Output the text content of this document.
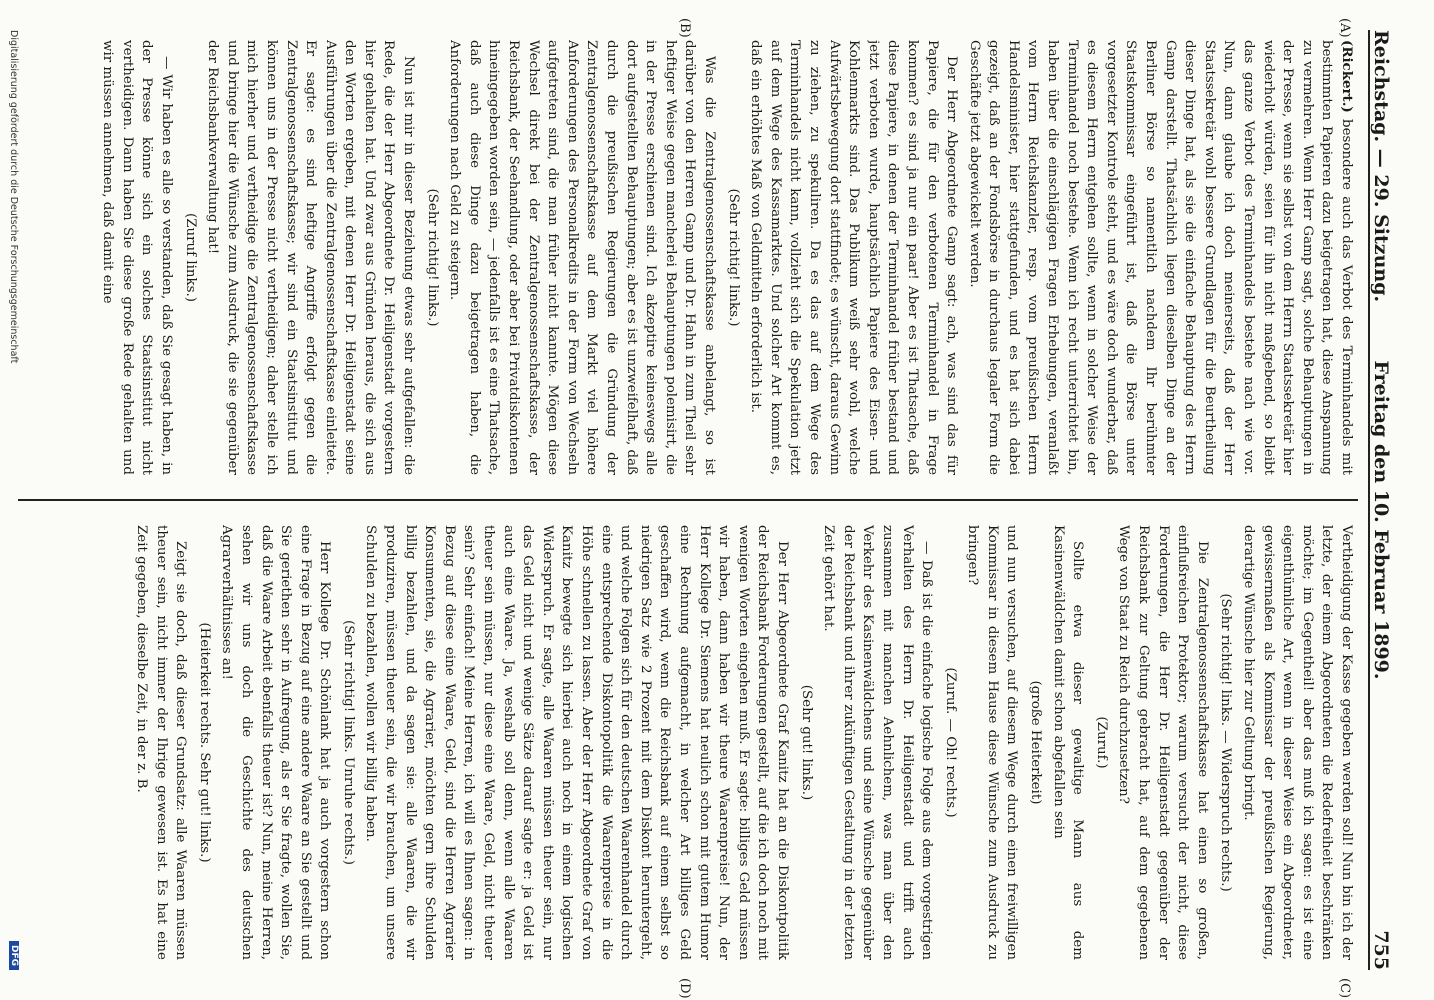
Reichstag. — 29. Sitzung.
Freitag den 10. Februar 1899.
755
(A)
(B)
(C)
(D)

(Rickert.) besondere auch das Verbot des Terminhandels mit bestimmten Papieren dazu beigetragen hat, diese Anspannung zu vermehren. Wenn Herr Gamp sagt, solche Behauptungen in der Presse, wenn sie selbst von dem Herrn Staatssekretär hier wiederholt würden, seien für ihn nicht maßgebend, so bleibt das ganze Verbot des Terminhandels bestehe nach wie vor. Nun, dann glaube ich doch meinerseits, daß der Herr Staatssekretär wohl bessere Grundlagen für die Beurtheilung dieser Dinge hat, als sie die einfache Behauptung des Herrn Gamp darstellt. Thatsächlich liegen dieselben Dinge an der Berliner Börse so namentlich nachdem Ihr berühmter Staatskommissar eingeführt ist, daß die Börse unter vorgesetzter Kontrole steht, und es wäre doch wunderbar, daß es diesem Herrn entgehen sollte, wenn in solcher Weise der Terminhandel noch bestehe. Wenn ich recht unterrichtet bin, haben über die einschlägigen Fragen Erhebungen, veranlaßt vom Herrn Reichskanzler, resp. vom preußischen Herrn Handelsminister, hier stattgefunden, und es hat sich dabei gezeigt, daß an der Fondsbörse in durchaus legaler Form die Geschäfte jetzt abgewickelt werden.

Der Herr Abgeordnete Gamp sagt: ach, was sind das für Papiere, die für den verbotenen Terminhandel in Frage kommen? es sind ja nur ein paar! Aber es ist Thatsache, daß diese Papiere, in denen der Terminhandel früher bestand und jetzt verboten wurde, hauptsächlich Papiere des Eisen- und Kohlenmarkts sind. Das Publikum weiß sehr wohl, welche Aufwärtsbewegung dort stattfindet; es wünscht, daraus Gewinn zu ziehen, zu spekuliren. Da es das auf dem Wege des Terminhandels nicht kann, vollzieht sich die Spekulation jetzt auf dem Wege des Kassamarktes. Und solcher Art kommt es, daß ein erhöhtes Maß von Geldmitteln erforderlich ist.

(Sehr richtig! links.)

Was die Zentralgenossenschaftskasse anbelangt, so ist darüber von den Herren Gamp und Dr. Hahn in zum Theil sehr heftiger Weise gegen mancherlei Behauptungen polemisirt, die in der Presse erschienen sind. Ich akzeptire keineswegs alle dort aufgestellten Behauptungen; aber es ist unzweifelhaft, daß durch die preußischen Regierungen die Gründung der Zentralgenossenschaftskasse auf dem Markt viel höhere Anforderungen des Personalkredits in der Form von Wechseln aufgetreten sind, die man früher nicht kannte. Mögen diese Wechsel direkt bei der Zentralgenossenschaftskasse, der Reichsbank, der Seehandlung, oder aber bei Privatdiskontenen hineingegeben worden sein, — jedenfalls ist es eine Thatsache, daß auch diese Dinge dazu beigetragen haben, die Anforderungen nach Geld zu steigern.

(Sehr richtig! links.)

Nun ist mir in dieser Beziehung etwas sehr aufgefallen: die Rede, die der Herr Abgeordnete Dr. Heiligenstadt vorgestern hier gehalten hat. Und zwar aus Gründen heraus, die sich aus den Worten ergeben, mit denen Herr Dr. Heiligenstadt seine Ausführungen über die Zentralgenossenschaftskasse einleitete. Er sagte: es sind heftige Angriffe erfolgt gegen die Zentralgenossenschaftskasse; wir sind ein Staatsinstitut und können uns in der Presse nicht vertheidigen; daher stelle ich mich hierher und vertheidige die Zentralgenossenschaftskasse und bringe hier die Wünsche zum Ausdruck, die sie gegenüber der Reichsbankverwaltung hat!

(Zuruf links.)

— Wir haben es alle so verstanden, daß Sie gesagt haben, in der Presse könne sich ein solches Staatsinstitut nicht vertheidigen. Dann haben Sie diese große Rede gehalten und wir müssen annehmen, daß damit eine

Vertheidigung der Kasse gegeben werden soll! Nun bin ich der letzte, der einem Abgeordneten die Redefreiheit beschränken möchte; im Gegentheil! aber das muß ich sagen: es ist eine eigenthümliche Art, wenn in dieser Weise ein Abgeordneter, gewissermaßen als Kommissar der preußischen Regierung, derartige Wünsche hier zur Geltung bringt.

(Sehr richtig! links. — Widerspruch rechts.)

Die Zentralgenossenschaftskasse hat einen so großen, einflußreichen Protektor; warum versucht der nicht, diese Forderungen, die Herr Dr. Heiligenstadt gegenüber der Reichsbank zur Geltung gebracht hat, auf dem gegebenen Wege von Staat zu Reich durchzusetzen?

(Zuruf.)

Sollte etwa dieser gewaltige Mann aus dem Kasinenwäldchen damit schon abgefallen sein

(große Heiterkeit)

und nun versuchen, auf diesem Wege durch einen freiwilligen Kommissar in diesem Hause diese Wünsche zum Ausdruck zu bringen?

(Zuruf. — Oh! rechts.)

— Daß ist die einfache logische Folge aus dem vorgestrigen Verhalten des Herrn Dr. Heiligenstadt und trifft auch zusammen mit manchen Aehnlichem, was man über den Verkehr des Kasinenwäldchens und seine Wünsche gegenüber der Reichsbank und ihrer zukünftigen Gestaltung in der letzten Zeit gehört hat.

(Sehr gut! links.)

Der Herr Abgeordnete Graf Kanitz hat an die Diskontpolitik der Reichsbank Forderungen gestellt, auf die ich doch noch mit wenigen Worten eingehen muß. Er sagte: billiges Geld müssen wir haben, dann haben wir theure Waarenpreise! Nun, der Herr Kollege Dr. Siemens hat neulich schon mit gutem Humor eine Rechnung aufgemacht, in welcher Art billiges Geld geschaffen wird, wenn die Reichsbank auf einem selbst so niedrigen Satz wie 2 Prozent mit dem Diskont heruntergeht, und welche Folgen sich für den deutschen Waarenhandel durch eine entsprechende Diskontopolitik die Waarenpreise in die Höhe schnellen zu lassen. Aber der Herr Abgeordnete Graf von Kanitz bewegte sich hierbei auch noch in einem logischen Widerspruch. Er sagte, alle Waaren müssen theuer sein, nur das Geld nicht und wenige Sätze darauf sagte er: ja Geld ist auch eine Waare. Ja, weshalb soll denn, wenn alle Waaren theuer sein müssen, nur diese eine Waare, Geld, nicht theuer sein? Sehr einfach! Meine Herren, ich will es Ihnen sagen: in Bezug auf diese eine Waare, Geld, sind die Herren Agrarier Konsumenten, sie, die Agrarier, möchten gern ihre Schulden billig bezahlen, und da sagen sie: alle Waaren, die wir produziren, müssen theuer sein, die wir brauchen, um unsere Schulden zu bezahlen, wollen wir billig haben.

(Sehr richtig! links. Unruhe rechts.)

Herr Kollege Dr. Schönlank hat ja auch vorgestern schon eine Frage in Bezug auf eine andere Waare an Sie gestellt und Sie geriethen sehr in Aufregung, als er Sie fragte, wollen Sie, daß die Waare Arbeit ebenfalls theuer ist? Nun, meine Herren, sehen wir uns doch die Geschichte des deutschen Agrarverhältnisses an!

(Heiterkeit rechts. Sehr gut! links.)

Zeigt sie doch, daß dieser Grundsatz: alle Waaren müssen theuer sein, nicht immer der Ihrige gewesen ist. Es hat eine Zeit gegeben, dieselbe Zeit, in der z. B.

Digitalisierung gefördert durch die Deutsche Forschungsgemeinschaft
DFG
